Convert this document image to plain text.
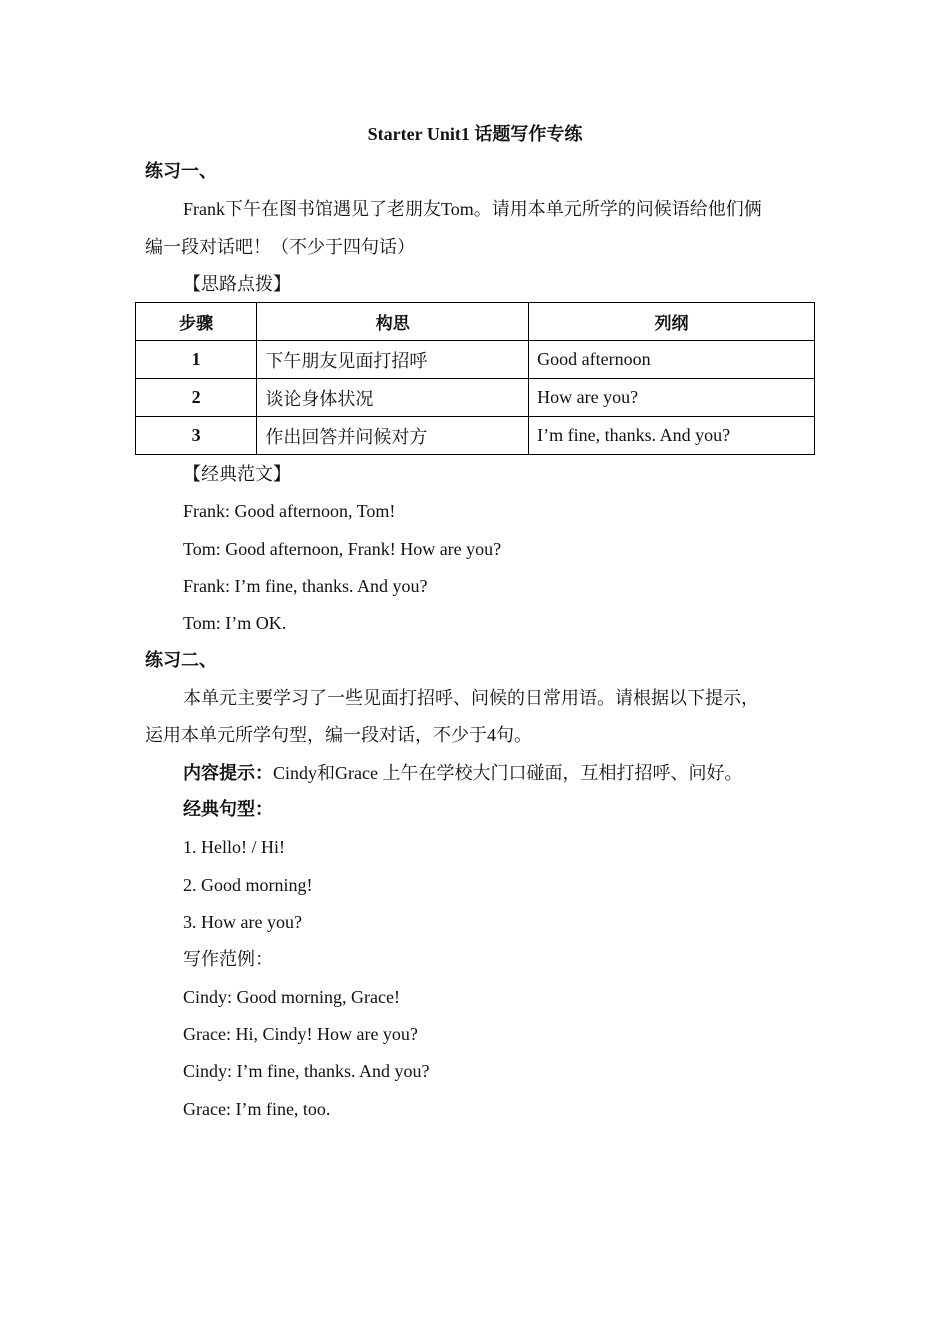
Starter Unit1 话题写作专练
练习一、
Frank下午在图书馆遇见了老朋友Tom。请用本单元所学的问候语给他们俩
编一段对话吧！（不少于四句话）
【思路点拨】
步骤	构思	列纲
1	下午朋友见面打招呼	Good afternoon
2	谈论身体状况	How are you?
3	作出回答并问候对方	I’m fine, thanks. And you?
【经典范文】
Frank: Good afternoon, Tom!
Tom: Good afternoon, Frank! How are you?
Frank: I’m fine, thanks. And you?
Tom: I’m OK.
练习二、
本单元主要学习了一些见面打招呼、问候的日常用语。请根据以下提示，
运用本单元所学句型，编一段对话，不少于4句。
内容提示：Cindy和Grace 上午在学校大门口碰面，互相打招呼、问好。
经典句型：
1. Hello! / Hi!
2. Good morning!
3. How are you?
写作范例：
Cindy: Good morning, Grace!
Grace: Hi, Cindy! How are you?
Cindy: I’m fine, thanks. And you?
Grace: I’m fine, too.
